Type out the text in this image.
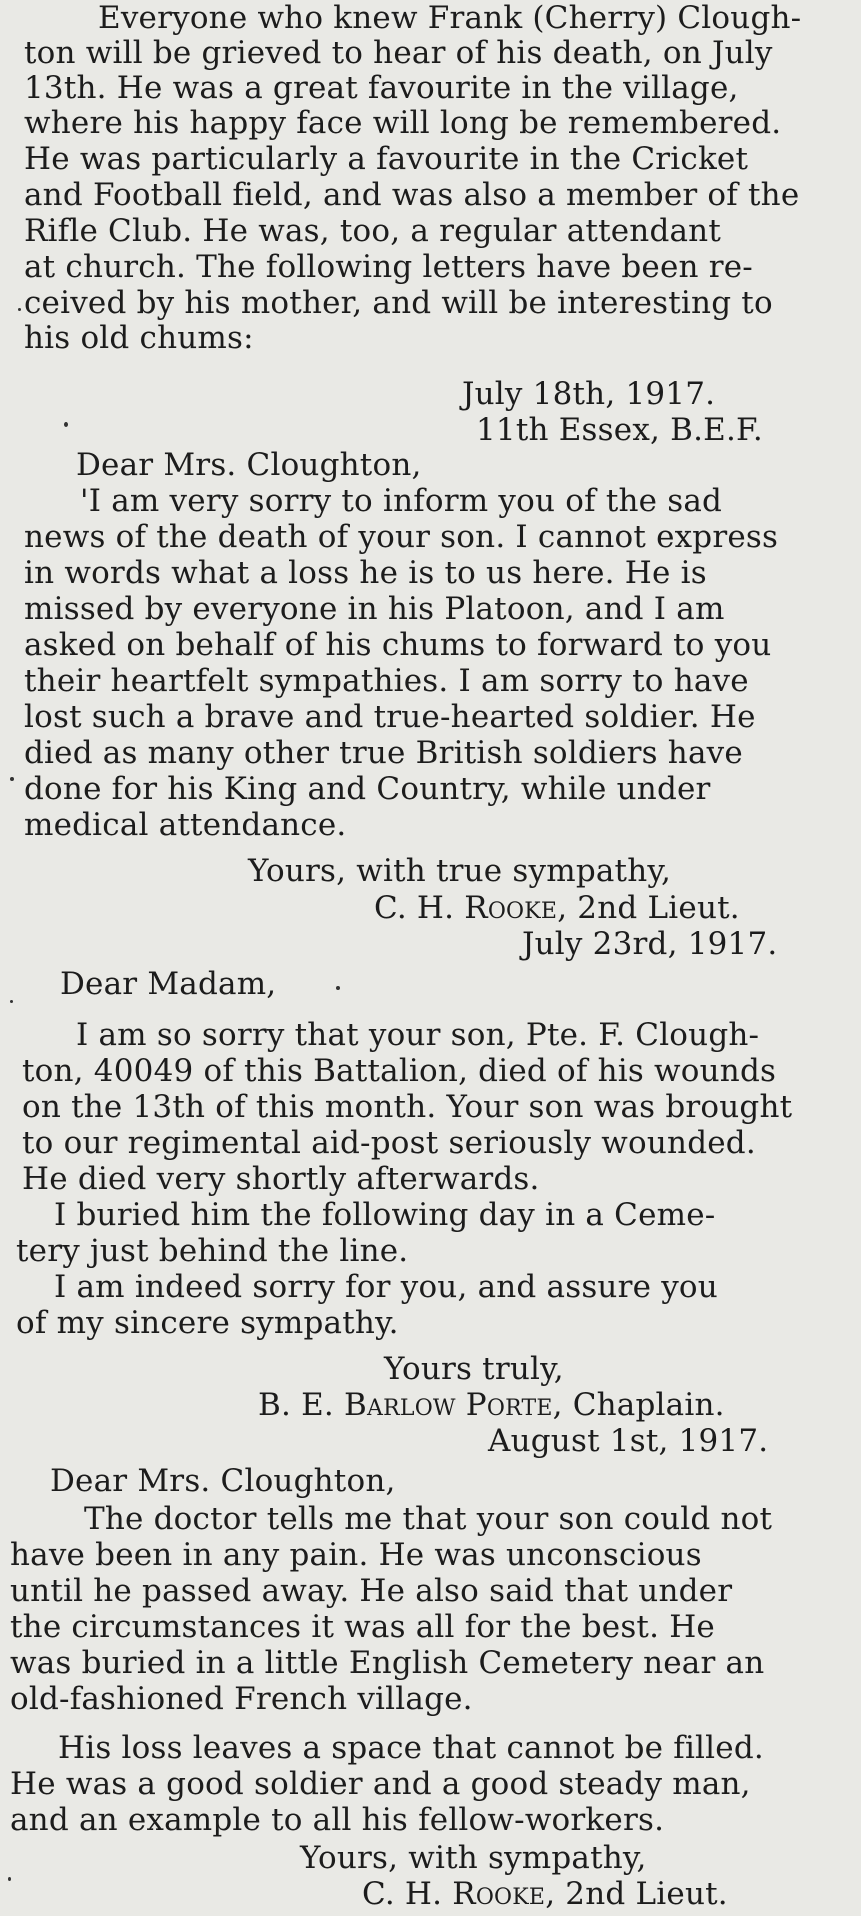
Everyone who knew Frank (Cherry) Clough-
ton will be grieved to hear of his death, on July
13th. He was a great favourite in the village,
where his happy face will long be remembered.
He was particularly a favourite in the Cricket
and Football field, and was also a member of the
Rifle Club. He was, too, a regular attendant
at church. The following letters have been re-
ceived by his mother, and will be interesting to
his old chums:
July 18th, 1917.
11th Essex, B.E.F.
Dear Mrs. Cloughton,
'I am very sorry to inform you of the sad
news of the death of your son. I cannot express
in words what a loss he is to us here. He is
missed by everyone in his Platoon, and I am
asked on behalf of his chums to forward to you
their heartfelt sympathies. I am sorry to have
lost such a brave and true-hearted soldier. He
died as many other true British soldiers have
done for his King and Country, while under
medical attendance.
Yours, with true sympathy,
C. H. Rooke, 2nd Lieut.
July 23rd, 1917.
Dear Madam,
I am so sorry that your son, Pte. F. Clough-
ton, 40049 of this Battalion, died of his wounds
on the 13th of this month. Your son was brought
to our regimental aid-post seriously wounded.
He died very shortly afterwards.
I buried him the following day in a Ceme-
tery just behind the line.
I am indeed sorry for you, and assure you
of my sincere sympathy.
Yours truly,
B. E. Barlow Porte, Chaplain.
August 1st, 1917.
Dear Mrs. Cloughton,
The doctor tells me that your son could not
have been in any pain. He was unconscious
until he passed away. He also said that under
the circumstances it was all for the best. He
was buried in a little English Cemetery near an
old-fashioned French village.
His loss leaves a space that cannot be filled.
He was a good soldier and a good steady man,
and an example to all his fellow-workers.
Yours, with sympathy,
C. H. Rooke, 2nd Lieut.
